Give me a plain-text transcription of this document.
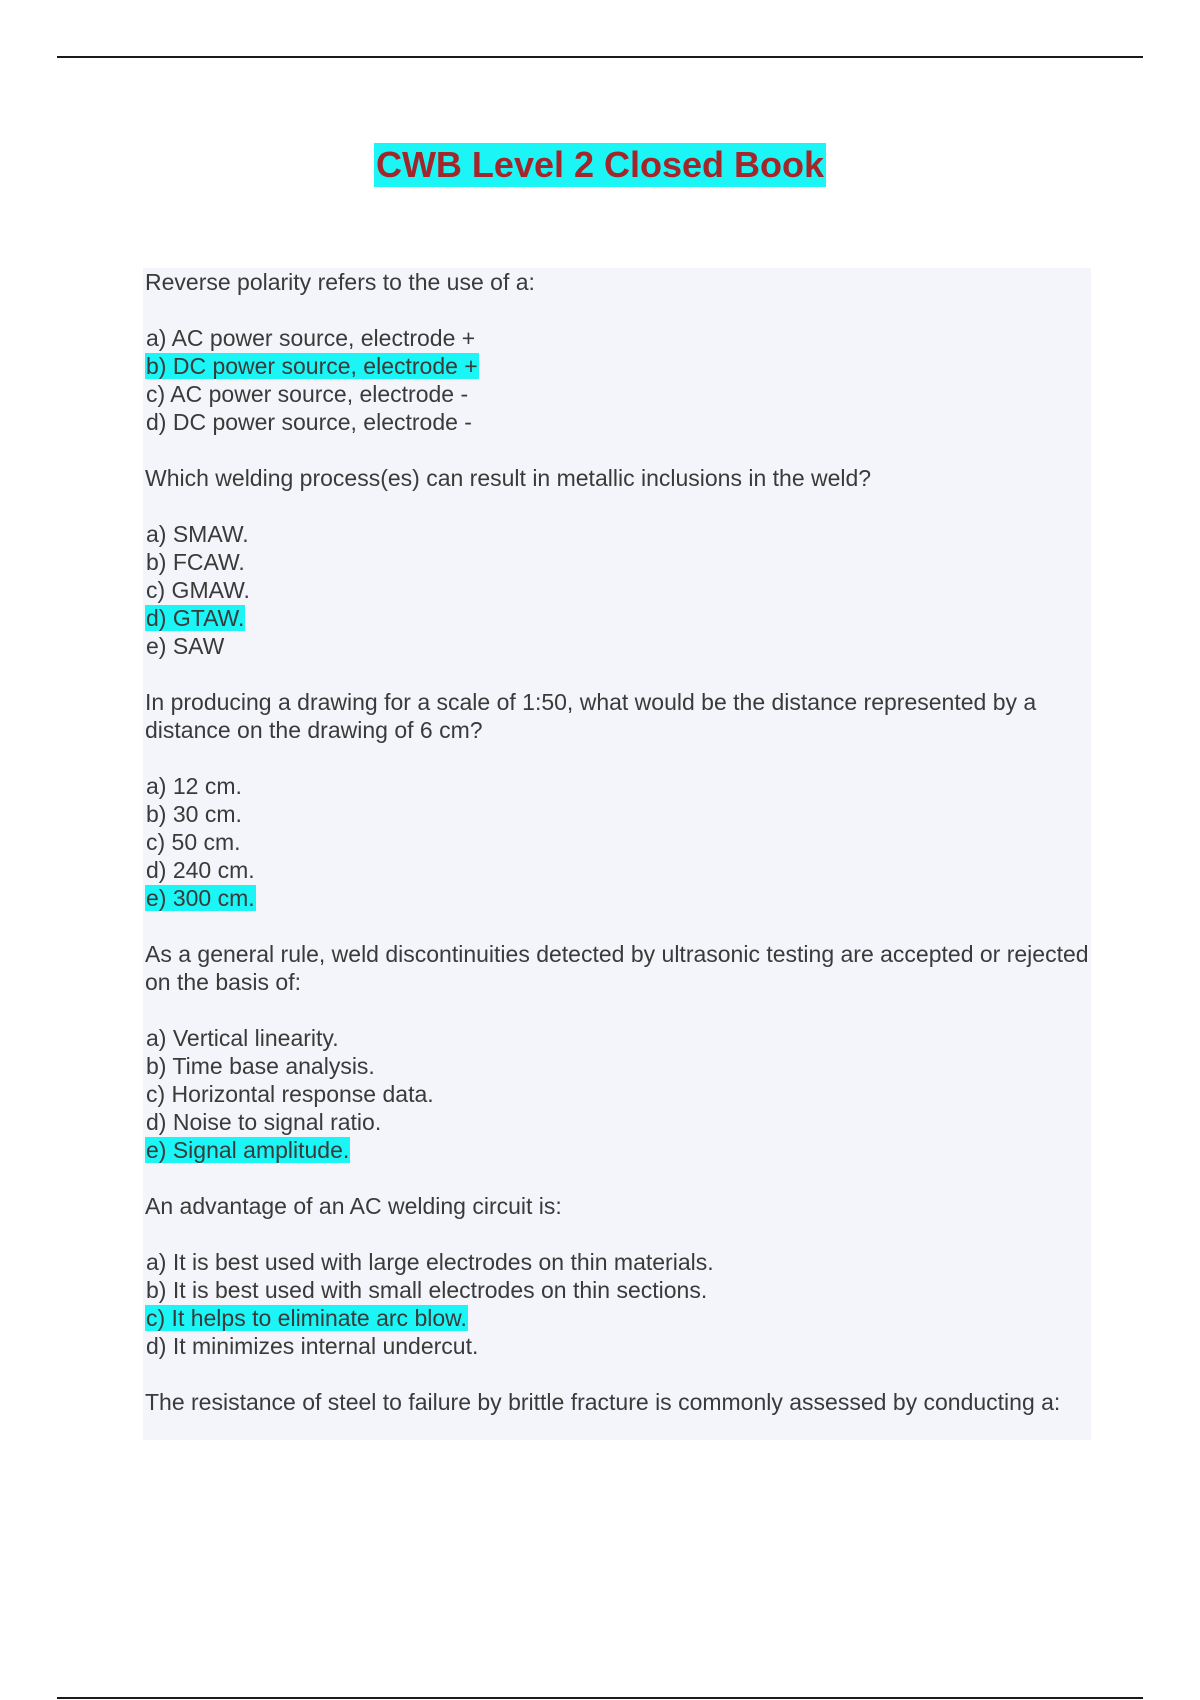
CWB Level 2 Closed Book
Reverse polarity refers to the use of a:
a) AC power source, electrode +
b) DC power source, electrode +
c) AC power source, electrode -
d) DC power source, electrode -
Which welding process(es) can result in metallic inclusions in the weld?
a) SMAW.
b) FCAW.
c) GMAW.
d) GTAW.
e) SAW
In producing a drawing for a scale of 1:50, what would be the distance represented by a distance on the drawing of 6 cm?
a) 12 cm.
b) 30 cm.
c) 50 cm.
d) 240 cm.
e) 300 cm.
As a general rule, weld discontinuities detected by ultrasonic testing are accepted or rejected on the basis of:
a) Vertical linearity.
b) Time base analysis.
c) Horizontal response data.
d) Noise to signal ratio.
e) Signal amplitude.
An advantage of an AC welding circuit is:
a) It is best used with large electrodes on thin materials.
b) It is best used with small electrodes on thin sections.
c) It helps to eliminate arc blow.
d) It minimizes internal undercut.
The resistance of steel to failure by brittle fracture is commonly assessed by conducting a:
